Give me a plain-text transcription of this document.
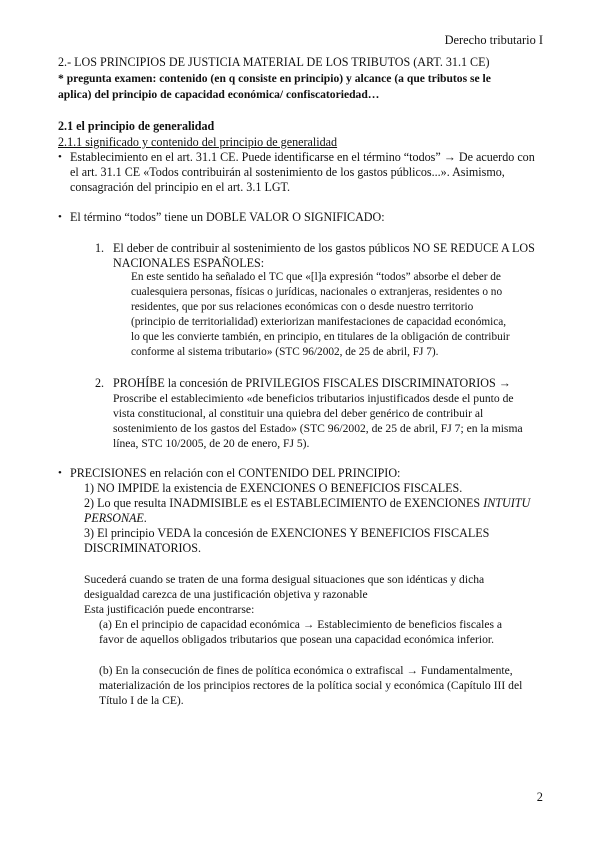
Derecho tributario I
2.- LOS PRINCIPIOS DE JUSTICIA MATERIAL DE LOS TRIBUTOS (ART. 31.1 CE)
* pregunta examen: contenido (en q consiste en principio) y alcance (a que tributos se le
aplica) del principio de capacidad económica/ confiscatoriedad…
2.1 el principio de generalidad
2.1.1 significado y contenido del principio de generalidad
• Establecimiento en el art. 31.1 CE. Puede identificarse en el término “todos” → De acuerdo con
el art. 31.1 CE «Todos contribuirán al sostenimiento de los gastos públicos...». Asimismo,
consagración del principio en el art. 3.1 LGT.
• El término “todos” tiene un DOBLE VALOR O SIGNIFICADO:
1. El deber de contribuir al sostenimiento de los gastos públicos NO SE REDUCE A LOS
NACIONALES ESPAÑOLES:
En este sentido ha señalado el TC que «[l]a expresión “todos” absorbe el deber de
cualesquiera personas, físicas o jurídicas, nacionales o extranjeras, residentes o no
residentes, que por sus relaciones económicas con o desde nuestro territorio
(principio de territorialidad) exteriorizan manifestaciones de capacidad económica,
lo que les convierte también, en principio, en titulares de la obligación de contribuir
conforme al sistema tributario» (STC 96/2002, de 25 de abril, FJ 7).
2. PROHÍBE la concesión de PRIVILEGIOS FISCALES DISCRIMINATORIOS →
Proscribe el establecimiento «de beneficios tributarios injustificados desde el punto de
vista constitucional, al constituir una quiebra del deber genérico de contribuir al
sostenimiento de los gastos del Estado» (STC 96/2002, de 25 de abril, FJ 7; en la misma
línea, STC 10/2005, de 20 de enero, FJ 5).
• PRECISIONES en relación con el CONTENIDO DEL PRINCIPIO:
1) NO IMPIDE la existencia de EXENCIONES O BENEFICIOS FISCALES.
2) Lo que resulta INADMISIBLE es el ESTABLECIMIENTO de EXENCIONES INTUITU
PERSONAE.
3) El principio VEDA la concesión de EXENCIONES Y BENEFICIOS FISCALES
DISCRIMINATORIOS.
Sucederá cuando se traten de una forma desigual situaciones que son idénticas y dicha
desigualdad carezca de una justificación objetiva y razonable
Esta justificación puede encontrarse:
(a) En el principio de capacidad económica → Establecimiento de beneficios fiscales a
favor de aquellos obligados tributarios que posean una capacidad económica inferior.
(b) En la consecución de fines de política económica o extrafiscal → Fundamentalmente,
materialización de los principios rectores de la política social y económica (Capítulo III del
Título I de la CE).
2
